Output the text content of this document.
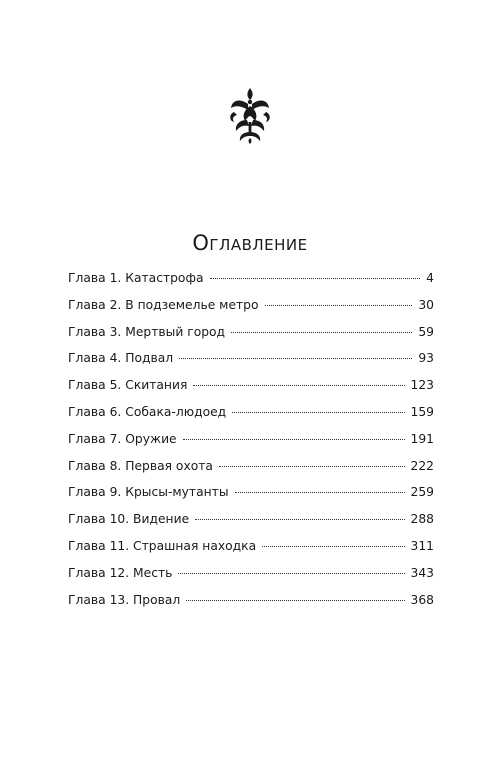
Оглавление
Глава 1. Катастрофа	4
Глава 2. В подземелье метро	30
Глава 3. Мертвый город	59
Глава 4. Подвал	93
Глава 5. Скитания	123
Глава 6. Собака-людоед	159
Глава 7. Оружие	191
Глава 8. Первая охота	222
Глава 9. Крысы-мутанты	259
Глава 10. Видение	288
Глава 11. Страшная находка	311
Глава 12. Месть	343
Глава 13. Провал	368
